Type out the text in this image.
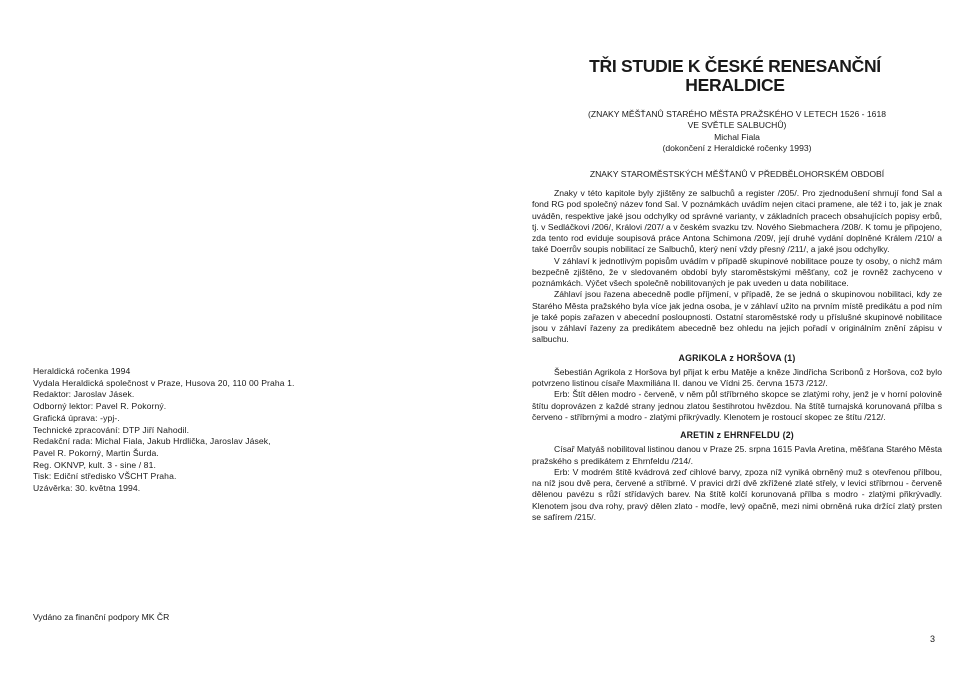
Heraldická ročenka 1994
Vydala Heraldická společnost v Praze, Husova 20, 110 00 Praha 1.
Redaktor: Jaroslav Jásek.
Odborný lektor: Pavel R. Pokorný.
Grafická úprava: -ypj-.
Technické zpracování: DTP Jiří Nahodil.
Redakční rada: Michal Fiala, Jakub Hrdlička, Jaroslav Jásek,
Pavel R. Pokorný, Martin Šurda.
Reg. OKNVP, kult. 3 - sine / 81.
Tisk: Ediční středisko VŠCHT Praha.
Uzávěrka: 30. května 1994.
Vydáno za finanční podpory MK ČR
TŘI STUDIE K ČESKÉ RENESANČNÍ
HERALDICE
(ZNAKY MĚŠŤANŮ STARÉHO MĚSTA PRAŽSKÉHO V LETECH 1526 - 1618
VE SVĚTLE SALBUCHŮ)
Michal Fiala
(dokončení z Heraldické ročenky 1993)
ZNAKY STAROMĚSTSKÝCH MĚŠŤANŮ V PŘEDBĚLOHORSKÉM OBDOBÍ

Znaky v této kapitole byly zjištěny ze salbuchů a register /205/. Pro zjednodušení shrnují fond Sal a fond RG pod společný název fond Sal. V poznámkách uvádím nejen citaci pramene, ale též i to, jak je znak uváděn, respektive jaké jsou odchylky od správné varianty, v základních pracech obsahujících popisy erbů, tj. v Sedláčkovi /206/, Královi /207/ a v českém svazku tzv. Nového Siebmachera /208/. K tomu je připojeno, zda tento rod eviduje soupisová práce Antona Schimona /209/, její druhé vydání doplněné Králem /210/ a také Doerrův soupis nobilitací ze Salbuchů, který není vždy přesný /211/, a jaké jsou odchylky.

V záhlaví k jednotlivým popisům uvádím v případě skupinové nobilitace pouze ty osoby, o nichž mám bezpečně zjištěno, že v sledovaném období byly staroměstskými měšťany, což je rovněž zachyceno v poznámkách. Výčet všech společně nobilitovaných je pak uveden u data nobilitace.

Záhlaví jsou řazena abecedně podle příjmení, v případě, že se jedná o skupinovou nobilitaci, kdy ze Starého Města pražského byla více jak jedna osoba, je v záhlaví užito na prvním místě predikátu a pod ním je také popis zařazen v abecední posloupnosti. Ostatní staroměstské rody u příslušné skupinové nobilitace jsou v záhlaví řazeny za predikátem abecedně bez ohledu na jejich pořadí v originálním znění zápisu v salbuchu.

AGRIKOLA z HORŠOVA (1)

Šebestián Agrikola z Horšova byl přijat k erbu Matěje a kněze Jindřicha Scribonů z Horšova, což bylo potvrzeno listinou císaře Maxmiliána II. danou ve Vídni 25. června 1573 /212/.

Erb: Štít dělen modro - červeně, v něm půl stříbrného skopce se zlatými rohy, jenž je v horní polovině štítu doprovázen z každé strany jednou zlatou šestihrotou hvězdou. Na štítě turnajská korunovaná přílba s červeno - stříbrnými a modro - zlatými přikrývadly. Klenotem je rostoucí skopec ze štítu /212/.

ARETIN z EHRNFELDU (2)

Císař Matyáš nobilitoval listinou danou v Praze 25. srpna 1615 Pavla Aretina, měšťana Starého Města pražského s predikátem z Ehrnfeldu /214/.

Erb: V modrém štítě kvádrová zeď cihlové barvy, zpoza níž vyniká obrněný muž s otevřenou přílbou, na níž jsou dvě pera, červené a stříbrné. V pravici drží dvě zkřížené zlaté střely, v levici stříbrnou - červeně dělenou pavézu s růží střídavých barev. Na štítě kolčí korunovaná přílba s modro - zlatými přikrývadly. Klenotem jsou dva rohy, pravý dělen zlato - modře, levý opačně, mezi nimi obrněná ruka držící zlatý prsten se safírem /215/.

3
